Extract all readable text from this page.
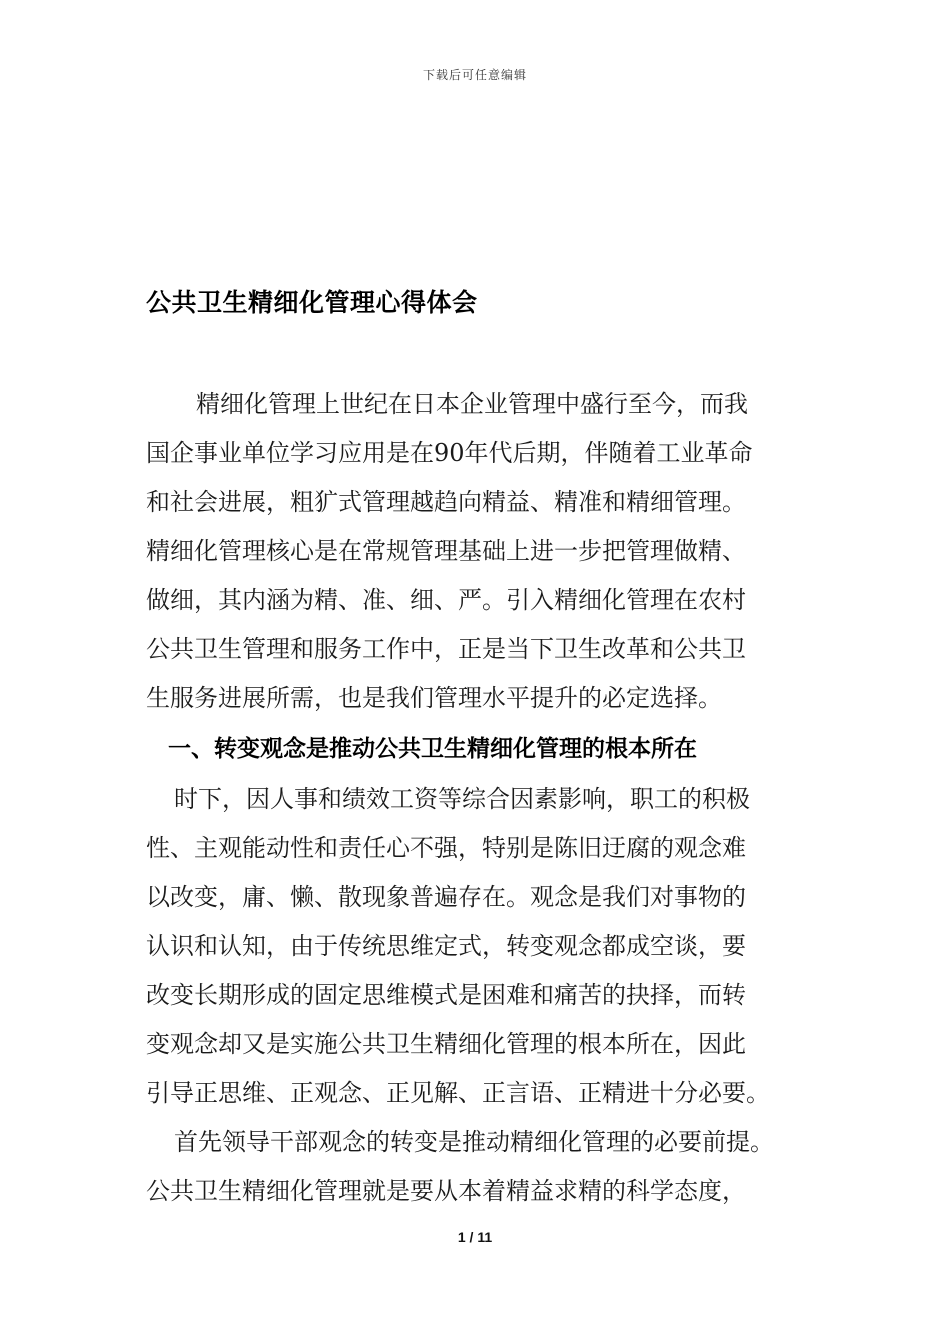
下载后可任意编辑
公共卫生精细化管理心得体会
精细化管理上世纪在日本企业管理中盛行至今，而我
国企事业单位学习应用是在90年代后期，伴随着工业革命
和社会进展，粗犷式管理越趋向精益、精准和精细管理。
精细化管理核心是在常规管理基础上进一步把管理做精、
做细，其内涵为精、准、细、严。引入精细化管理在农村
公共卫生管理和服务工作中，正是当下卫生改革和公共卫
生服务进展所需，也是我们管理水平提升的必定选择。
一、转变观念是推动公共卫生精细化管理的根本所在
时下，因人事和绩效工资等综合因素影响，职工的积极
性、主观能动性和责任心不强，特别是陈旧迂腐的观念难
以改变，庸、懒、散现象普遍存在。观念是我们对事物的
认识和认知，由于传统思维定式，转变观念都成空谈，要
改变长期形成的固定思维模式是困难和痛苦的抉择，而转
变观念却又是实施公共卫生精细化管理的根本所在，因此
引导正思维、正观念、正见解、正言语、正精进十分必要。
首先领导干部观念的转变是推动精细化管理的必要前提。
公共卫生精细化管理就是要从本着精益求精的科学态度，
1 / 11
